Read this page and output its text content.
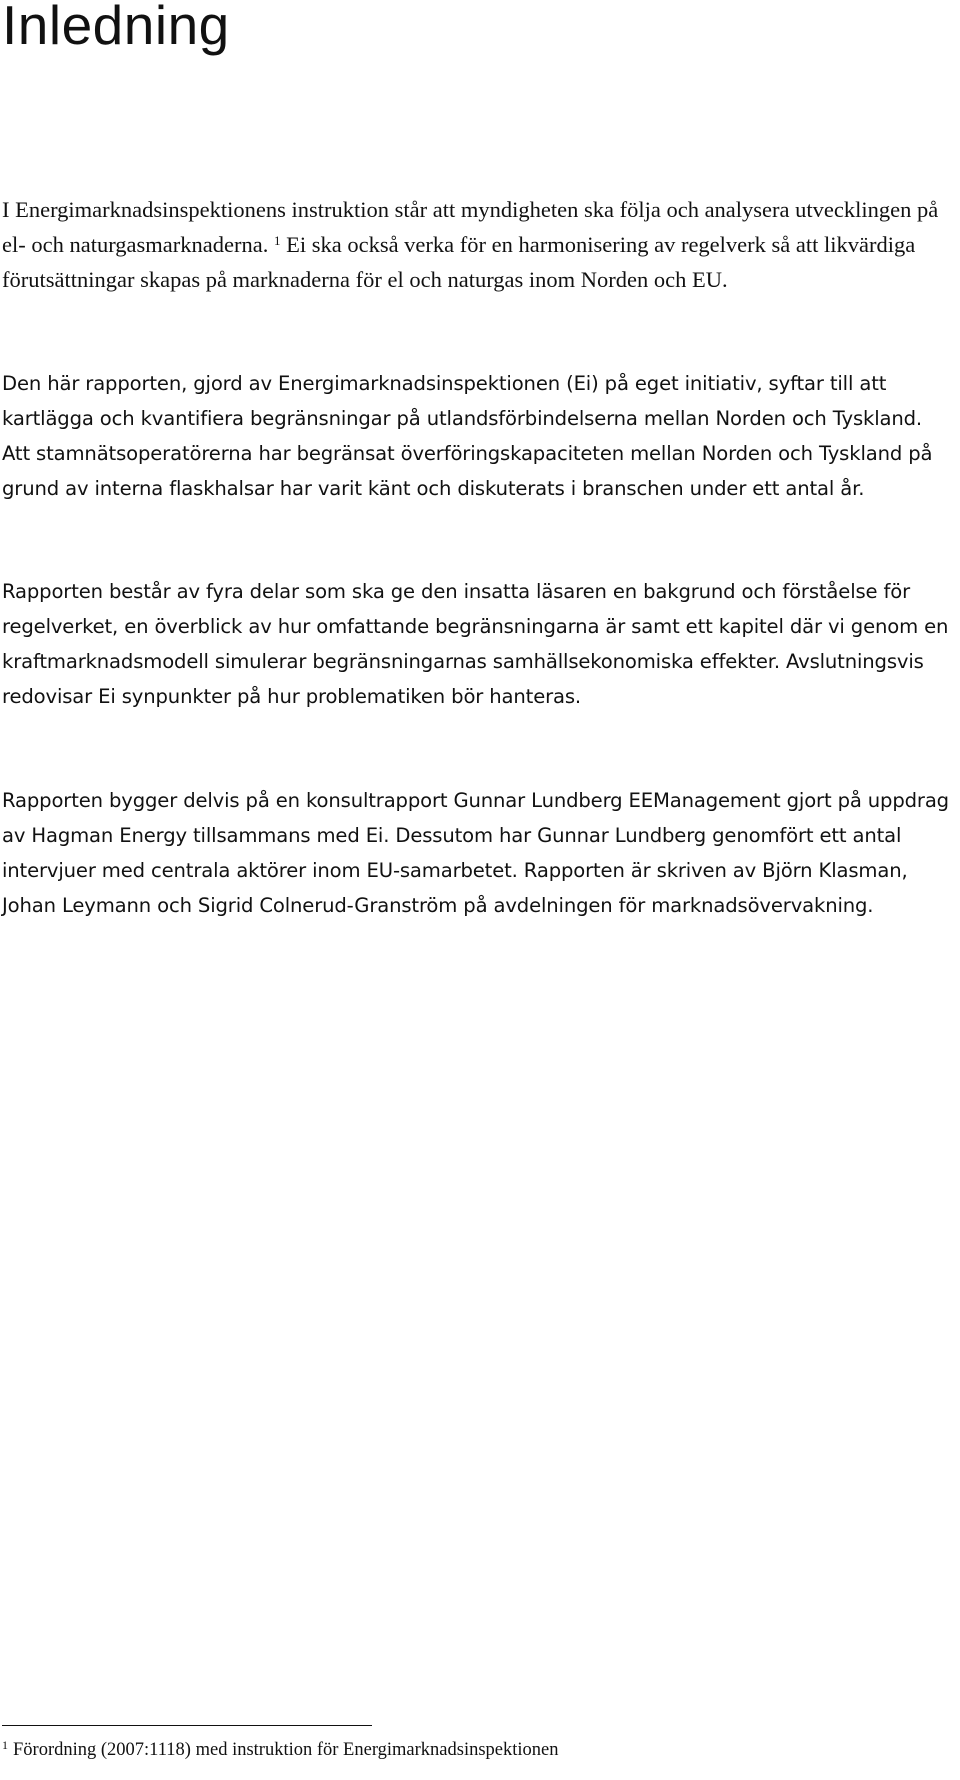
Inledning

I Energimarknadsinspektionens instruktion står att myndigheten ska följa och analysera utvecklingen på el- och naturgasmarknaderna. $^1$ Ei ska också verka för en harmonisering av regelverk så att likvärdiga förutsättningar skapas på marknaderna för el och naturgas inom Norden och EU.

Den här rapporten, gjord av Energimarknadsinspektionen (Ei) på eget initiativ, syftar till att kartlägga och kvantifiera begränsningar på utlandsförbindelserna mellan Norden och Tyskland. Att stamnätsoperatörerna har begränsat överföringskapaciteten mellan Norden och Tyskland på grund av interna flaskhalsar har varit känt och diskuterats i branschen under ett antal år.

Rapporten består av fyra delar som ska ge den insatta läsaren en bakgrund och förståelse för regelverket, en överblick av hur omfattande begränsningarna är samt ett kapitel där vi genom en kraftmarknadsmodell simulerar begränsningarnas samhällsekonomiska effekter. Avslutningsvis redovisar Ei synpunkter på hur problematiken bör hanteras.

Rapporten bygger delvis på en konsultrapport Gunnar Lundberg EEManagement gjort på uppdrag av Hagman Energy tillsammans med Ei. Dessutom har Gunnar Lundberg genomfört ett antal intervjuer med centrala aktörer inom EU-samarbetet. Rapporten är skriven av Björn Klasman, Johan Leymann och Sigrid Colnerud-Granström på avdelningen för marknadsövervakning.

$^1$ Förordning (2007:1118) med instruktion för Energimarknadsinspektionen
